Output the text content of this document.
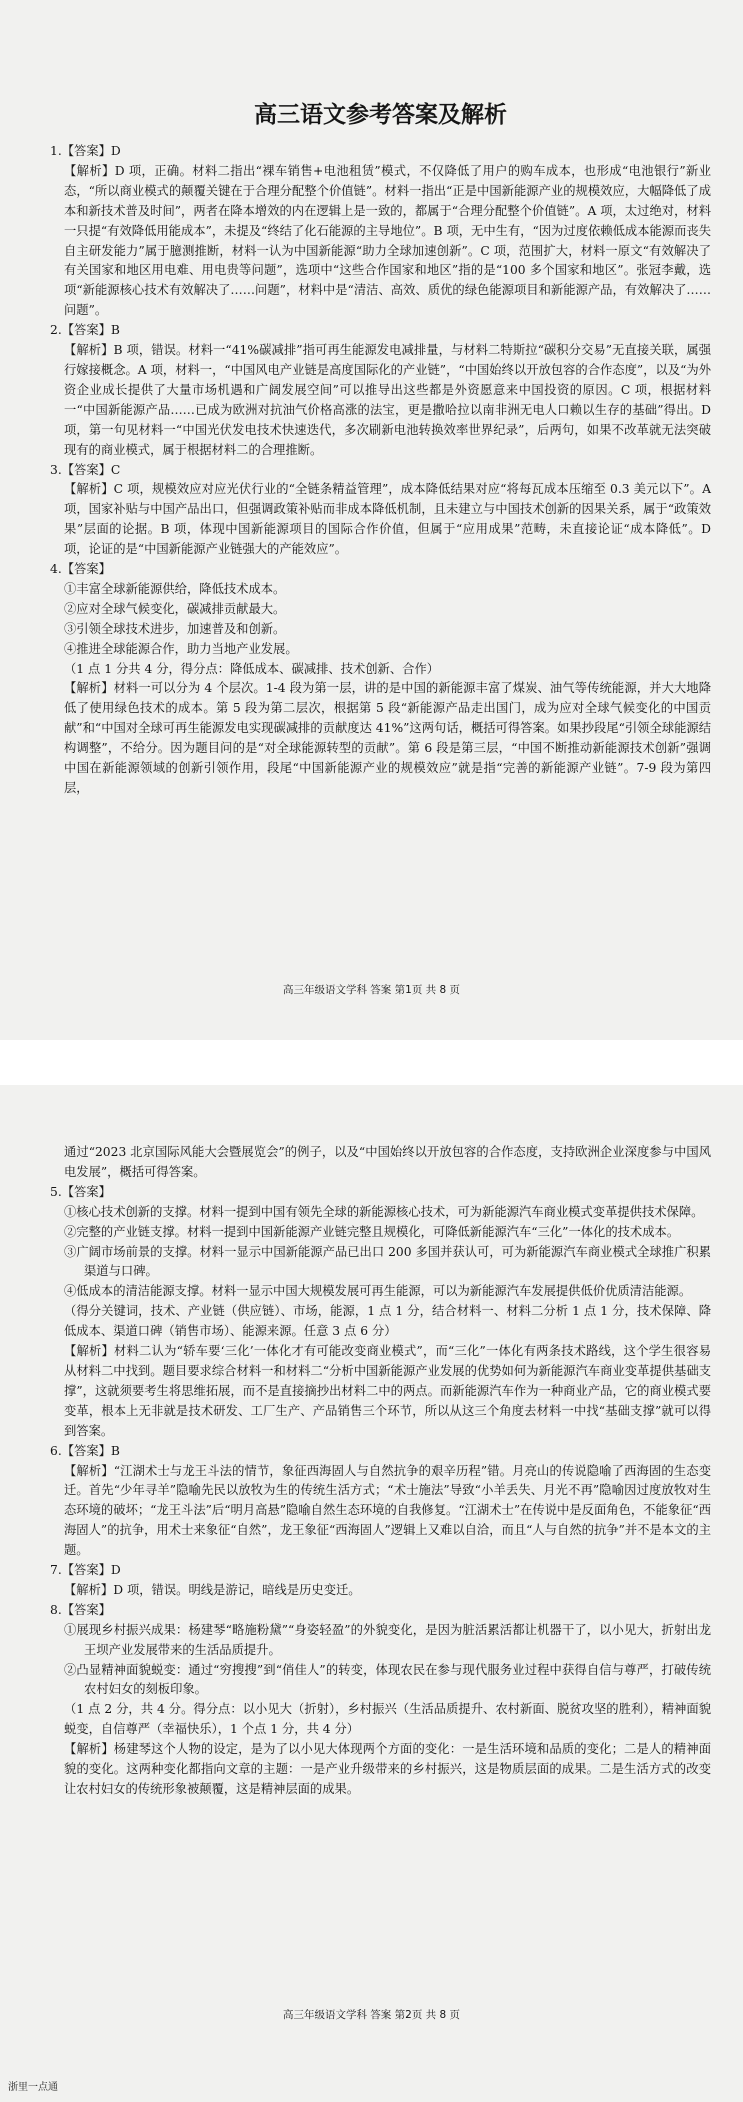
高三语文参考答案及解析

1.【答案】D

【解析】D 项，正确。材料二指出“裸车销售+电池租赁”模式，不仅降低了用户的购车成本，也形成“电池银行”新业态，“所以商业模式的颠覆关键在于合理分配整个价值链”。材料一指出“正是中国新能源产业的规模效应，大幅降低了成本和新技术普及时间”，两者在降本增效的内在逻辑上是一致的，都属于“合理分配整个价值链”。A 项，太过绝对，材料一只提“有效降低用能成本”，未提及“终结了化石能源的主导地位”。B 项，无中生有，“因为过度依赖低成本能源而丧失自主研发能力”属于臆测推断，材料一认为中国新能源“助力全球加速创新”。C 项，范围扩大，材料一原文“有效解决了有关国家和地区用电难、用电贵等问题”，选项中“这些合作国家和地区”指的是“100 多个国家和地区”。张冠李戴，选项“新能源核心技术有效解决了……问题”，材料中是“清洁、高效、质优的绿色能源项目和新能源产品，有效解决了……问题”。

2.【答案】B

【解析】B 项，错误。材料一“41%碳减排”指可再生能源发电减排量，与材料二特斯拉“碳积分交易”无直接关联，属强行嫁接概念。A 项，材料一，“中国风电产业链是高度国际化的产业链”，“中国始终以开放包容的合作态度”，以及“为外资企业成长提供了大量市场机遇和广阔发展空间”可以推导出这些都是外资愿意来中国投资的原因。C 项，根据材料一“中国新能源产品……已成为欧洲对抗油气价格高涨的法宝，更是撒哈拉以南非洲无电人口赖以生存的基础”得出。D 项，第一句见材料一“中国光伏发电技术快速迭代，多次刷新电池转换效率世界纪录”，后两句，如果不改革就无法突破现有的商业模式，属于根据材料二的合理推断。

3.【答案】C

【解析】C 项，规模效应对应光伏行业的“全链条精益管理”，成本降低结果对应“将每瓦成本压缩至 0.3 美元以下”。A 项，国家补贴与中国产品出口，但强调政策补贴而非成本降低机制，且未建立与中国技术创新的因果关系，属于“政策效果”层面的论据。B 项，体现中国新能源项目的国际合作价值，但属于“应用成果”范畴，未直接论证“成本降低”。D 项，论证的是“中国新能源产业链强大的产能效应”。

4.【答案】

①丰富全球新能源供给，降低技术成本。

②应对全球气候变化，碳减排贡献最大。

③引领全球技术进步，加速普及和创新。

④推进全球能源合作，助力当地产业发展。

（1 点 1 分共 4 分，得分点：降低成本、碳减排、技术创新、合作）

【解析】材料一可以分为 4 个层次。1-4 段为第一层，讲的是中国的新能源丰富了煤炭、油气等传统能源，并大大地降低了使用绿色技术的成本。第 5 段为第二层次，根据第 5 段“新能源产品走出国门，成为应对全球气候变化的中国贡献”和“中国对全球可再生能源发电实现碳减排的贡献度达 41%”这两句话，概括可得答案。如果抄段尾“引领全球能源结构调整”，不给分。因为题目问的是“对全球能源转型的贡献”。第 6 段是第三层，“中国不断推动新能源技术创新”强调中国在新能源领域的创新引领作用，段尾“中国新能源产业的规模效应”就是指“完善的新能源产业链”。7-9 段为第四层，

高三年级语文学科 答案 第1页 共 8 页

通过“2023 北京国际风能大会暨展览会”的例子，以及“中国始终以开放包容的合作态度，支持欧洲企业深度参与中国风电发展”，概括可得答案。

5.【答案】

①核心技术创新的支撑。材料一提到中国有领先全球的新能源核心技术，可为新能源汽车商业模式变革提供技术保障。

②完整的产业链支撑。材料一提到中国新能源产业链完整且规模化，可降低新能源汽车“三化”一体化的技术成本。

③广阔市场前景的支撑。材料一显示中国新能源产品已出口 200 多国并获认可，可为新能源汽车商业模式全球推广积累渠道与口碑。

④低成本的清洁能源支撑。材料一显示中国大规模发展可再生能源，可以为新能源汽车发展提供低价优质清洁能源。

（得分关键词，技术、产业链（供应链）、市场，能源，1 点 1 分，结合材料一、材料二分析 1 点 1 分，技术保障、降低成本、渠道口碑（销售市场）、能源来源。任意 3 点 6 分）

【解析】材料二认为“轿车要‘三化’一体化才有可能改变商业模式”，而“三化”一体化有两条技术路线，这个学生很容易从材料二中找到。题目要求综合材料一和材料二“分析中国新能源产业发展的优势如何为新能源汽车商业变革提供基础支撑”，这就须要考生将思维拓展，而不是直接摘抄出材料二中的两点。而新能源汽车作为一种商业产品，它的商业模式要变革，根本上无非就是技术研发、工厂生产、产品销售三个环节，所以从这三个角度去材料一中找“基础支撑”就可以得到答案。

6.【答案】B

【解析】“江湖术士与龙王斗法的情节，象征西海固人与自然抗争的艰辛历程”错。月亮山的传说隐喻了西海固的生态变迁。首先“少年寻羊”隐喻先民以放牧为生的传统生活方式；“术士施法”导致“小羊丢失、月光不再”隐喻因过度放牧对生态环境的破坏；“龙王斗法”后“明月高悬”隐喻自然生态环境的自我修复。“江湖术士”在传说中是反面角色，不能象征“西海固人”的抗争，用术士来象征“自然”，龙王象征“西海固人”逻辑上又难以自洽，而且“人与自然的抗争”并不是本文的主题。

7.【答案】D

【解析】D 项，错误。明线是游记，暗线是历史变迁。

8.【答案】

①展现乡村振兴成果：杨建琴“略施粉黛”“身姿轻盈”的外貌变化，是因为脏活累活都让机器干了，以小见大，折射出龙王坝产业发展带来的生活品质提升。

②凸显精神面貌蜕变：通过“穷搜搜”到“俏佳人”的转变，体现农民在参与现代服务业过程中获得自信与尊严，打破传统农村妇女的刻板印象。

（1 点 2 分，共 4 分。得分点：以小见大（折射），乡村振兴（生活品质提升、农村新面、脱贫攻坚的胜利），精神面貌蜕变，自信尊严（幸福快乐），1 个点 1 分，共 4 分）

【解析】杨建琴这个人物的设定，是为了以小见大体现两个方面的变化：一是生活环境和品质的变化；二是人的精神面貌的变化。这两种变化都指向文章的主题：一是产业升级带来的乡村振兴，这是物质层面的成果。二是生活方式的改变让农村妇女的传统形象被颠覆，这是精神层面的成果。

高三年级语文学科 答案 第2页 共 8 页
浙里一点通
